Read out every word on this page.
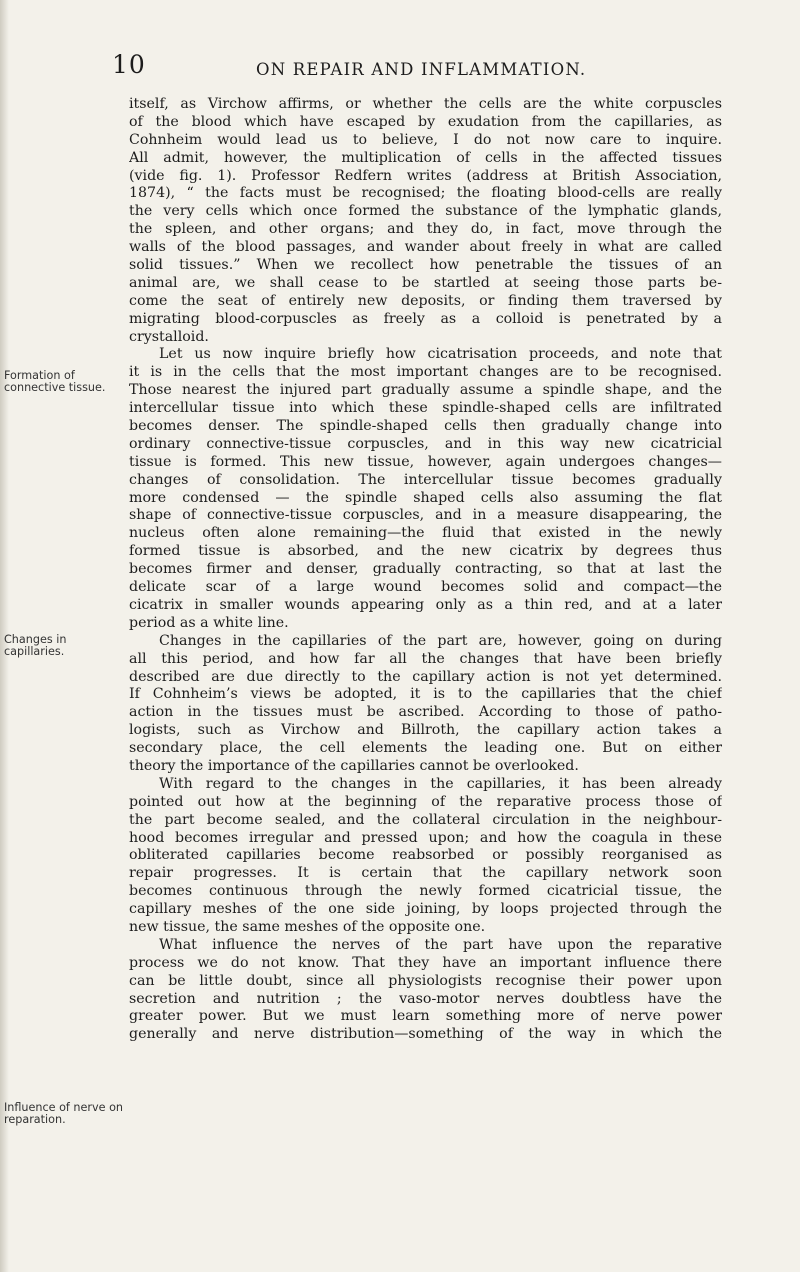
10	ON REPAIR AND INFLAMMATION.
Formation of connective tissue.
Changes in capillaries.
Influence of nerve on reparation.
itself, as Virchow affirms, or whether the cells are the white corpuscles
of the blood which have escaped by exudation from the capillaries, as
Cohnheim would lead us to believe, I do not now care to inquire.
All admit, however, the multiplication of cells in the affected tissues
(vide fig. 1). Professor Redfern writes (address at British Association,
1874), “ the facts must be recognised; the floating blood-cells are really
the very cells which once formed the substance of the lymphatic glands,
the spleen, and other organs; and they do, in fact, move through the
walls of the blood passages, and wander about freely in what are called
solid tissues.” When we recollect how penetrable the tissues of an
animal are, we shall cease to be startled at seeing those parts be-
come the seat of entirely new deposits, or finding them traversed by
migrating blood-corpuscles as freely as a colloid is penetrated by a
crystalloid.
Let us now inquire briefly how cicatrisation proceeds, and note that
it is in the cells that the most important changes are to be recognised.
Those nearest the injured part gradually assume a spindle shape, and the
intercellular tissue into which these spindle-shaped cells are infiltrated
becomes denser. The spindle-shaped cells then gradually change into
ordinary connective-tissue corpuscles, and in this way new cicatricial
tissue is formed. This new tissue, however, again undergoes changes—
changes of consolidation. The intercellular tissue becomes gradually
more condensed — the spindle shaped cells also assuming the flat
shape of connective-tissue corpuscles, and in a measure disappearing, the
nucleus often alone remaining—the fluid that existed in the newly
formed tissue is absorbed, and the new cicatrix by degrees thus
becomes firmer and denser, gradually contracting, so that at last the
delicate scar of a large wound becomes solid and compact—the
cicatrix in smaller wounds appearing only as a thin red, and at a later
period as a white line.
Changes in the capillaries of the part are, however, going on during
all this period, and how far all the changes that have been briefly
described are due directly to the capillary action is not yet determined.
If Cohnheim’s views be adopted, it is to the capillaries that the chief
action in the tissues must be ascribed. According to those of patho-
logists, such as Virchow and Billroth, the capillary action takes a
secondary place, the cell elements the leading one. But on either
theory the importance of the capillaries cannot be overlooked.
With regard to the changes in the capillaries, it has been already
pointed out how at the beginning of the reparative process those of
the part become sealed, and the collateral circulation in the neighbour-
hood becomes irregular and pressed upon; and how the coagula in these
obliterated capillaries become reabsorbed or possibly reorganised as
repair progresses. It is certain that the capillary network soon
becomes continuous through the newly formed cicatricial tissue, the
capillary meshes of the one side joining, by loops projected through the
new tissue, the same meshes of the opposite one.
What influence the nerves of the part have upon the reparative
process we do not know. That they have an important influence there
can be little doubt, since all physiologists recognise their power upon
secretion and nutrition ; the vaso-motor nerves doubtless have the
greater power. But we must learn something more of nerve power
generally and nerve distribution—something of the way in which the
